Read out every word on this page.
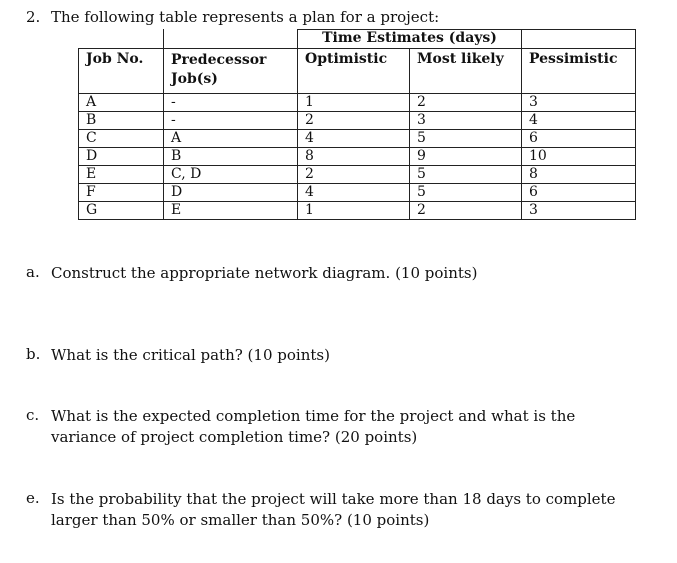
2. The following table represents a plan for a project:
		Time Estimates (days)		
Job No.	Predecessor Job(s)	Optimistic	Most likely	Pessimistic
A	-	1	2	3
B	-	2	3	4
C	A	4	5	6
D	B	8	9	10
E	C, D	2	5	8
F	D	4	5	6
G	E	1	2	3
a. Construct the appropriate network diagram. (10 points)
b. What is the critical path? (10 points)
c. What is the expected completion time for the project and what is the
variance of project completion time? (20 points)
e. Is the probability that the project will take more than 18 days to complete
larger than 50% or smaller than 50%? (10 points)
